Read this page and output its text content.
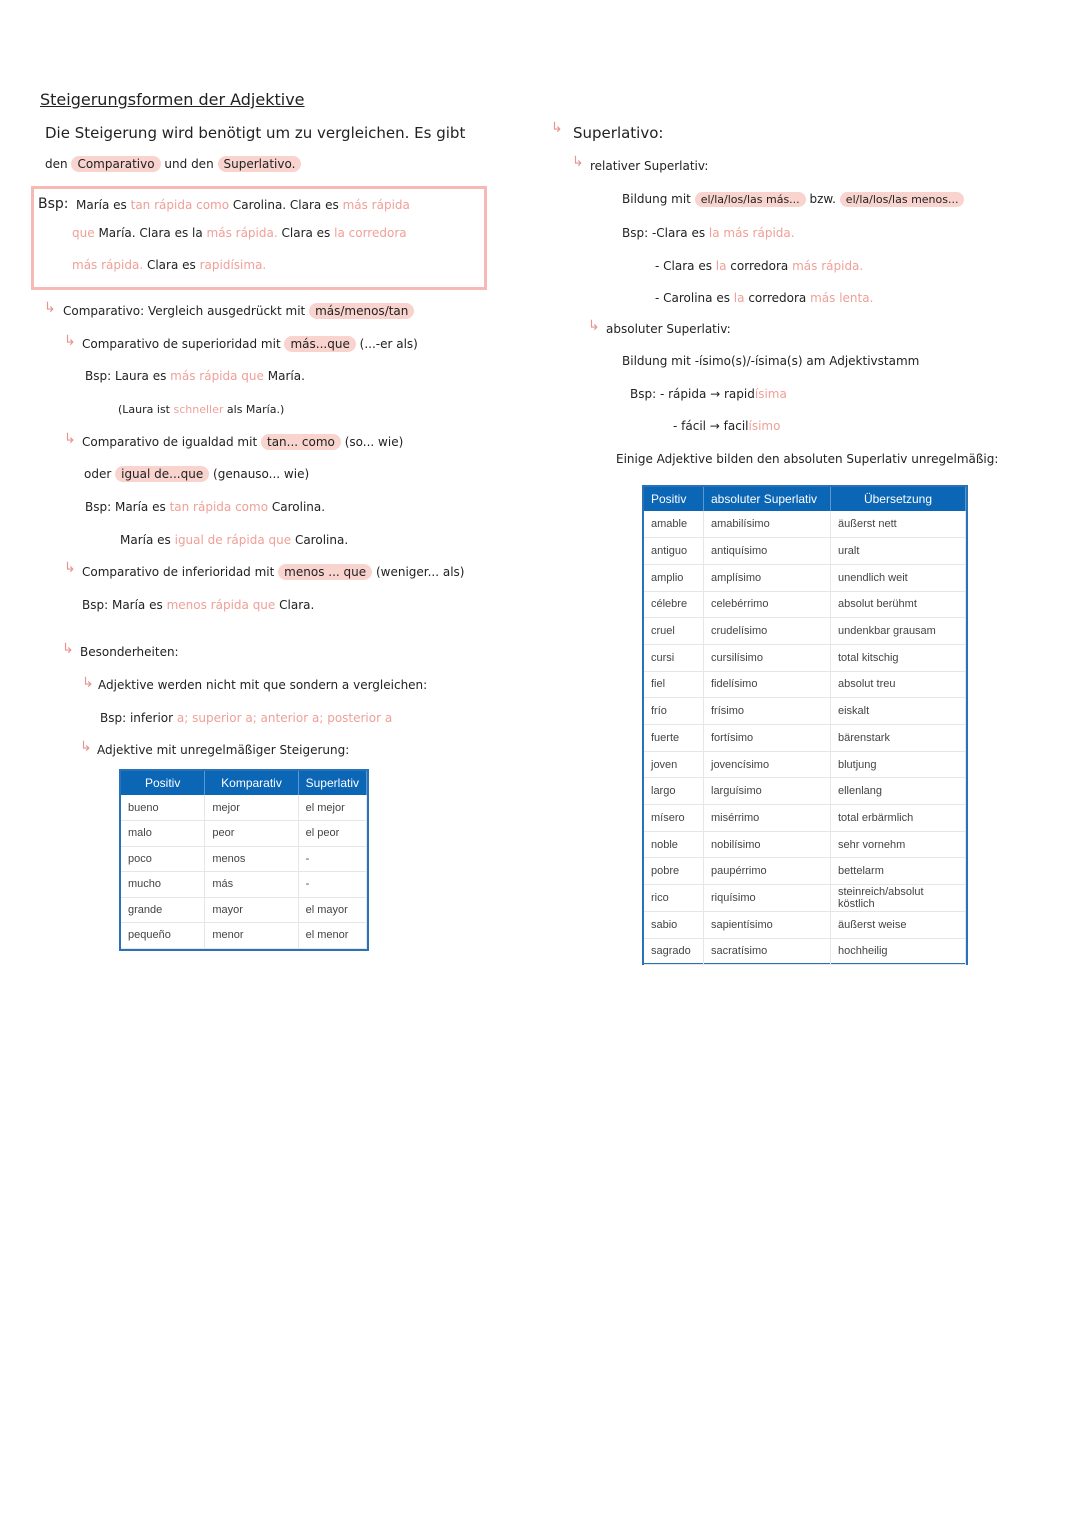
Steigerungsformen der Adjektive
Die Steigerung wird benötigt um zu vergleichen. Es gibt
den Comparativo und den Superlativo.
Bsp: María es tan rápida como Carolina. Clara es más rápida
que María. Clara es la más rápida. Clara es la corredora
más rápida. Clara es rapidísima.
↳ Comparativo: Vergleich ausgedrückt mit más/menos/tan
↳ Comparativo de superioridad mit más...que (...-er als)
Bsp: Laura es más rápida que María.
(Laura ist schneller als María.)
↳ Comparativo de igualdad mit tan... como (so... wie)
oder igual de...que (genauso... wie)
Bsp: María es tan rápida como Carolina.
María es igual de rápida que Carolina.
↳ Comparativo de inferioridad mit menos ... que (weniger... als)
Bsp: María es menos rápida que Clara.
↳ Besonderheiten:
↳ Adjektive werden nicht mit que sondern a vergleichen:
Bsp: inferior a; superior a; anterior a; posterior a
↳ Adjektive mit unregelmäßiger Steigerung:
Positiv	Komparativ	Superlativ
bueno	mejor	el mejor
malo	peor	el peor
poco	menos	-
mucho	más	-
grande	mayor	el mayor
pequeño	menor	el menor
↳ Superlativo:
↳ relativer Superlativ:
Bildung mit el/la/los/las más... bzw. el/la/los/las menos...
Bsp: -Clara es la más rápida.
- Clara es la corredora más rápida.
- Carolina es la corredora más lenta.
↳ absoluter Superlativ:
Bildung mit -ísimo(s)/-ísima(s) am Adjektivstamm
Bsp: - rápida → rapidísima
- fácil → facilísimo
Einige Adjektive bilden den absoluten Superlativ unregelmäßig:
Positiv	absoluter Superlativ	Übersetzung
amable	amabilísimo	äußerst nett
antiguo	antiquísimo	uralt
amplio	amplísimo	unendlich weit
célebre	celebérrimo	absolut berühmt
cruel	crudelísimo	undenkbar grausam
cursi	cursilísimo	total kitschig
fiel	fidelísimo	absolut treu
frío	frísimo	eiskalt
fuerte	fortísimo	bärenstark
joven	jovencísimo	blutjung
largo	larguísimo	ellenlang
mísero	misérrimo	total erbärmlich
noble	nobilísimo	sehr vornehm
pobre	paupérrimo	bettelarm
rico	riquísimo	steinreich/absolut köstlich
sabio	sapientísimo	äußerst weise
sagrado	sacratísimo	hochheilig
